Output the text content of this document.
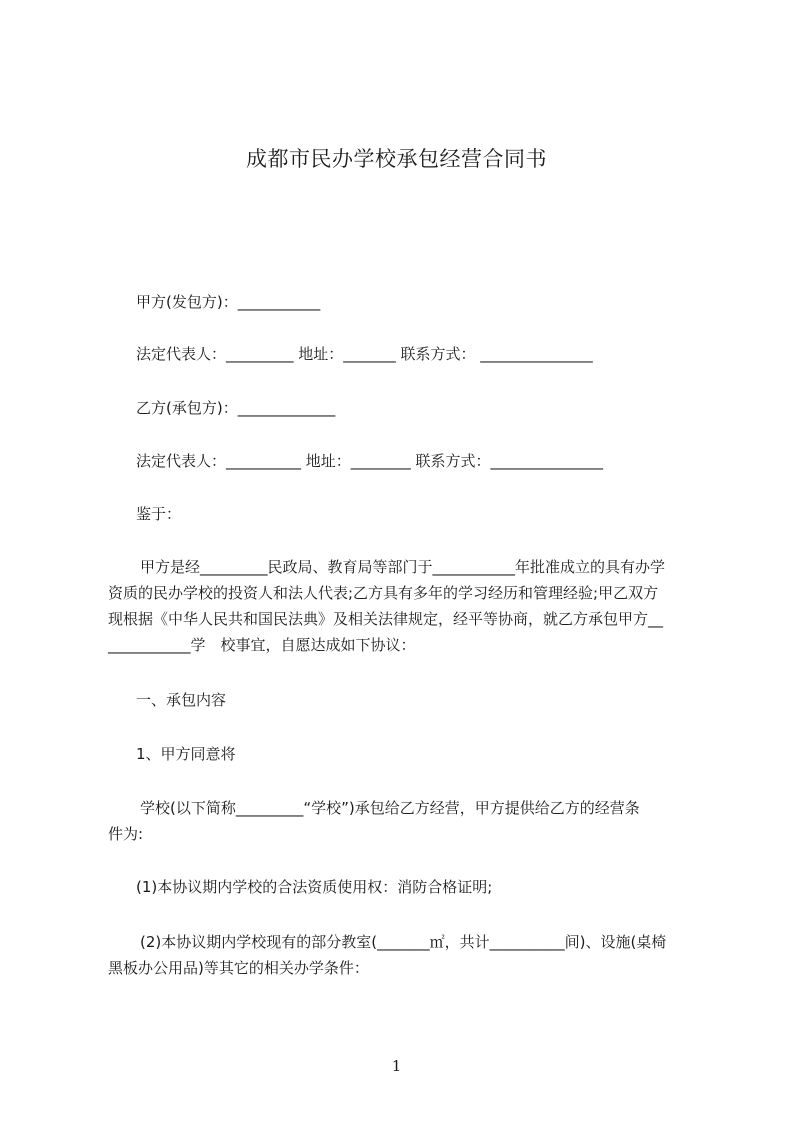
成都市民办学校承包经营合同书
甲方(发包方)：___________
法定代表人：_________ 地址：_______ 联系方式： _______________
乙方(承包方)：_____________
法定代表人：__________ 地址：________ 联系方式：_______________
鉴于：

甲方是经_________民政局、教育局等部门于___________年批准成立的具有办学

资质的民办学校的投资人和法人代表;乙方具有多年的学习经历和管理经验;甲乙双方

现根据《中华人民共和国民法典》及相关法律规定，经平等协商，就乙方承包甲方__

___________学　校事宜，自愿达成如下协议：

一、承包内容
1、甲方同意将

学校(以下简称_________“学校”)承包给乙方经营，甲方提供给乙方的经营条

件为:

(1)本协议期内学校的合法资质使用权：消防合格证明;

(2)本协议期内学校现有的部分教室(_______㎡，共计__________间)、设施(桌椅

黑板办公用品)等其它的相关办学条件：

1
